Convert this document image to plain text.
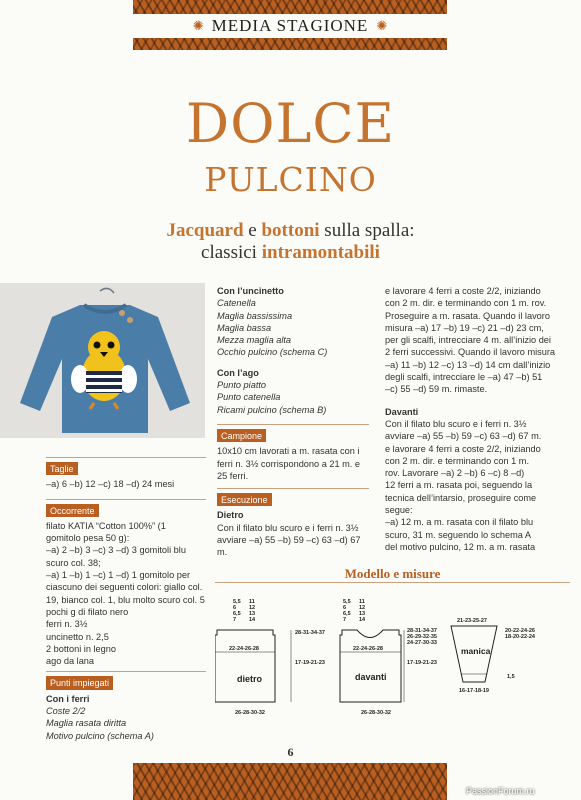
✺ MEDIA STAGIONE ✺
DOLCE
PULCINO
Jacquard e bottoni sulla spalla:
classici intramontabili
Taglie

–a) 6 –b) 12 –c) 18 –d) 24 mesi

Occorrente

filato KATIA “Cotton 100%” (1

gomitolo pesa 50 g):

–a) 2 –b) 3 –c) 3 –d) 3 gomitoli blu

scuro col. 38;

–a) 1 –b) 1 –c) 1 –d) 1 gomitolo per

ciascuno dei seguenti colori: giallo col.

19, bianco col. 1, blu molto scuro col. 5

pochi g di filato nero

ferri n. 3½

uncinetto n. 2,5

2 bottoni in legno

ago da lana

Punti impiegati

Con i ferri

Coste 2/2

Maglia rasata diritta

Motivo pulcino (schema A)

Con l’uncinetto

Catenella

Maglia bassissima

Maglia bassa

Mezza maglia alta

Occhio pulcino (schema C)

Con l’ago

Punto piatto

Punto catenella

Ricami pulcino (schema B)

Campione

10x10 cm lavorati a m. rasata con i

ferri n. 3½ corrispondono a 21 m. e

25 ferri.

Esecuzione

Dietro

Con il filato blu scuro e i ferri n. 3½

avviare –a) 55 –b) 59 –c) 63 –d) 67 m.

e lavorare 4 ferri a coste 2/2, iniziando

con 2 m. dir. e terminando con 1 m. rov.

Proseguire a m. rasata. Quando il lavoro

misura –a) 17 –b) 19 –c) 21 –d) 23 cm,

per gli scalfi, intrecciare 4 m. all’inizio dei

2 ferri successivi. Quando il lavoro misura

–a) 11 –b) 12 –c) 13 –d) 14 cm dall’inizio

degli scalfi, intrecciare le –a) 47 –b) 51

–c) 55 –d) 59 m. rimaste.

Davanti

Con il filato blu scuro e i ferri n. 3½

avviare –a) 55 –b) 59 –c) 63 –d) 67 m.

e lavorare 4 ferri a coste 2/2, iniziando

con 2 m. dir. e terminando con 1 m.

rov. Lavorare –a) 2 –b) 6 –c) 8 –d)

12 ferri a m. rasata poi, seguendo la

tecnica dell’intarsio, proseguire come

segue:

–a) 12 m. a m. rasata con il filato blu

scuro, 31 m. seguendo lo schema A

del motivo pulcino, 12 m. a m. rasata

Modello e misure
5,5
6
6,5
7
11
12
13
14
28-31-34-37
17-19-21-23
22-24-26-28
dietro
26-28-30-32
5,5
6
6,5
7
11
12
13
14
28-31-34-37
26-29-32-35
24-27-30-33
17-19-21-23
22-24-26-28
davanti
26-28-30-32
21-23-25-27
20-22-24-26
18-20-22-24
1,5
manica
16-17-18-19
6
PassionForum.ru
